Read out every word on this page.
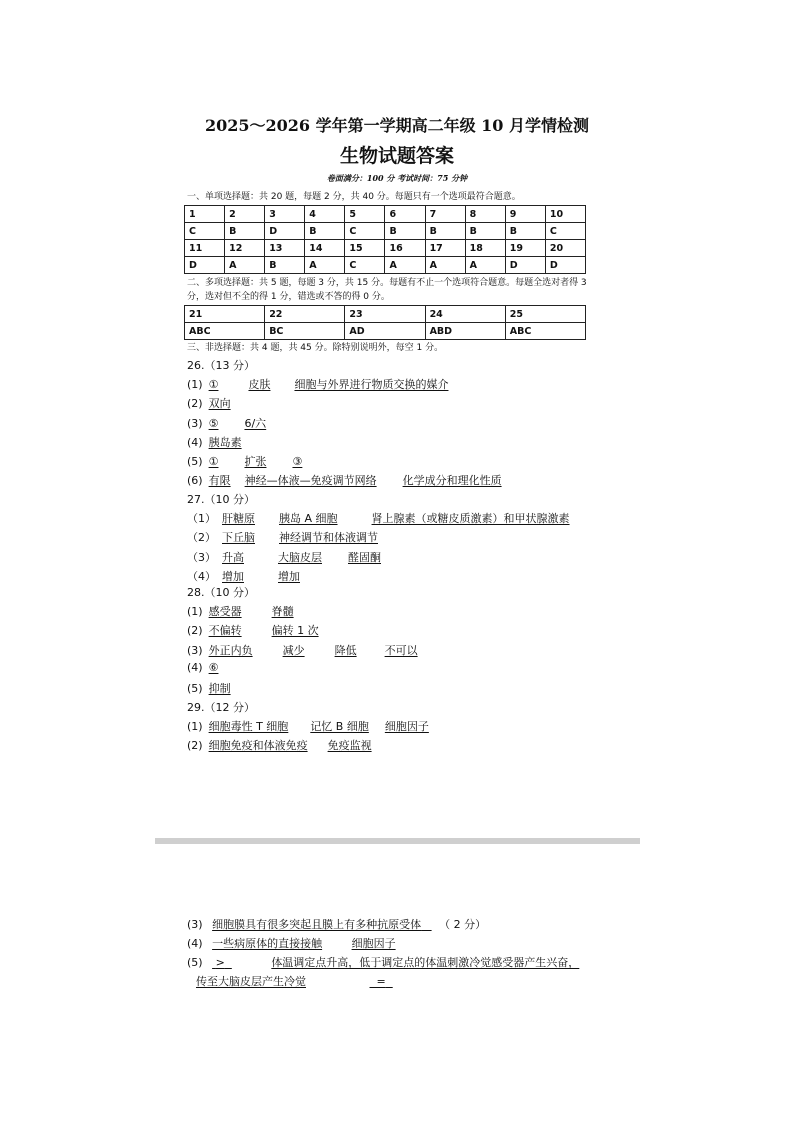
2025～2026 学年第一学期高二年级 10 月学情检测
生物试题答案
卷面满分：100 分 考试时间：75 分钟
一、单项选择题：共 20 题，每题 2 分，共 40 分。每题只有一个选项最符合题意。
1	2	3	4	5	6	7	8	9	10
C	B	D	B	C	B	B	B	B	C
11	12	13	14	15	16	17	18	19	20
D	A	B	A	C	A	A	A	D	D
二、多项选择题：共 5 题，每题 3 分，共 15 分。每题有不止一个选项符合题意。每题全选对者得 3 分，选对但不全的得 1 分，错选或不答的得 0 分。
21	22	23	24	25
ABC	BC	AD	ABD	ABC
三、非选择题：共 4 题，共 45 分。除特别说明外，每空 1 分。
26.（13 分）
(1) ①	皮肤 细胞与外界进行物质交换的媒介
(2) 双向
(3) ⑤ 6/六
(4) 胰岛素
(5) ① 扩张 ③
(6) 有限 神经—体液—免疫调节网络 化学成分和理化性质
27.（10 分）
（1） 肝糖原 胰岛 A 细胞	肾上腺素（或糖皮质激素）和甲状腺激素
（2） 下丘脑 神经调节和体液调节
（3） 升高	大脑皮层 醛固酮
（4） 增加	增加
28.（10 分）
(1) 感受器	脊髓
(2) 不偏转	偏转 1 次
(3) 外正内负	减少	降低	不可以
(4) ⑥
(5) 抑制
29.（12 分）
(1) 细胞毒性 T 细胞 记忆 B 细胞 细胞因子
(2) 细胞免疫和体液免疫 免疫监视
(3) 细胞膜具有很多突起且膜上有多种抗原受体 （ 2 分）
(4) 一些病原体的直接接触	细胞因子
(5) >	体温调定点升高，低于调定点的体温刺激冷觉感受器产生兴奋，
传至大脑皮层产生冷觉	=
